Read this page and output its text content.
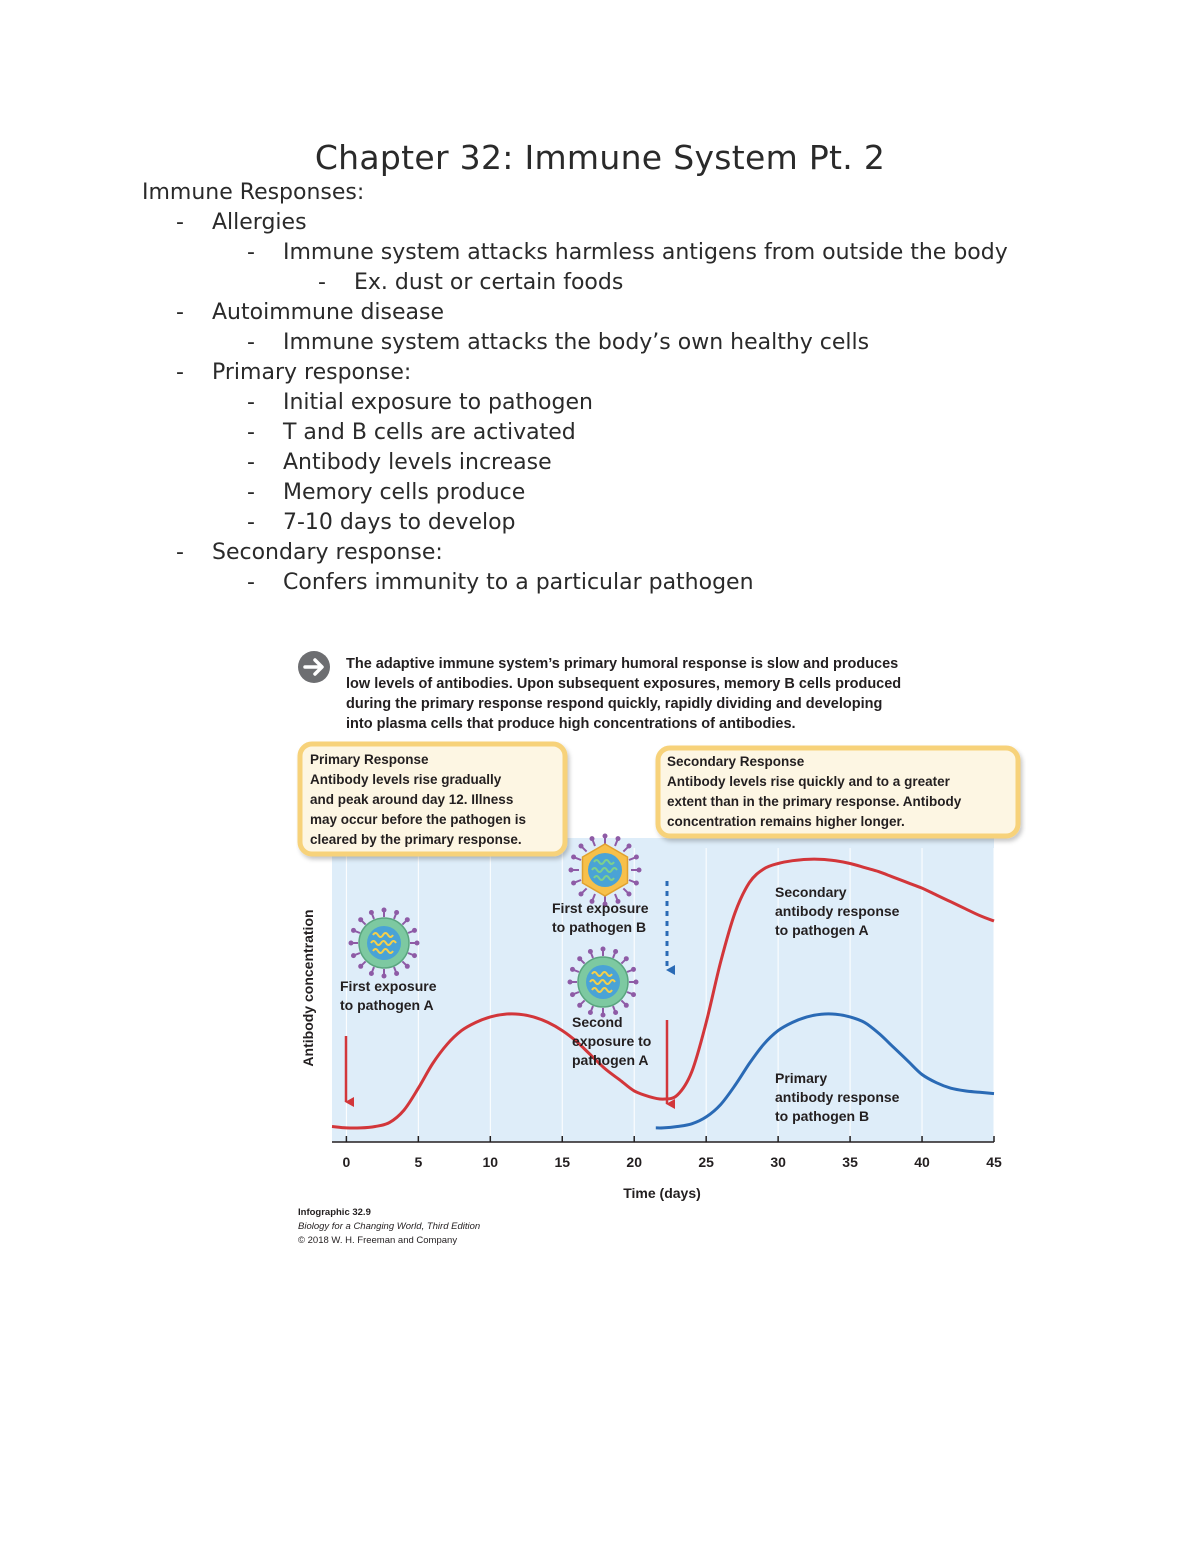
Chapter 32: Immune System Pt. 2
Immune Responses:
- Allergies
- Immune system attacks harmless antigens from outside the body
- Ex. dust or certain foods
- Autoimmune disease
- Immune system attacks the body’s own healthy cells
- Primary response:
- Initial exposure to pathogen
- T and B cells are activated
- Antibody levels increase
- Memory cells produce
- 7-10 days to develop
- Secondary response:
- Confers immunity to a particular pathogen
The adaptive immune system’s primary humoral response is slow and produces
low levels of antibodies. Upon subsequent exposures, memory B cells produced
during the primary response respond quickly, rapidly dividing and developing
into plasma cells that produce high concentrations of antibodies.
Primary Response
Antibody levels rise gradually
and peak around day 12. Illness
may occur before the pathogen is
cleared by the primary response.
Secondary Response
Antibody levels rise quickly and to a greater
extent than in the primary response. Antibody
concentration remains higher longer.
First exposure
to pathogen A
First exposure
to pathogen B
Second
exposure to
pathogen A
Secondary
antibody response
to pathogen A
Primary
antibody response
to pathogen B
0	5	10	15	20	25	30	35	40	45
Time (days)
Antibody concentration
Infographic 32.9
Biology for a Changing World, Third Edition
© 2018 W. H. Freeman and Company
